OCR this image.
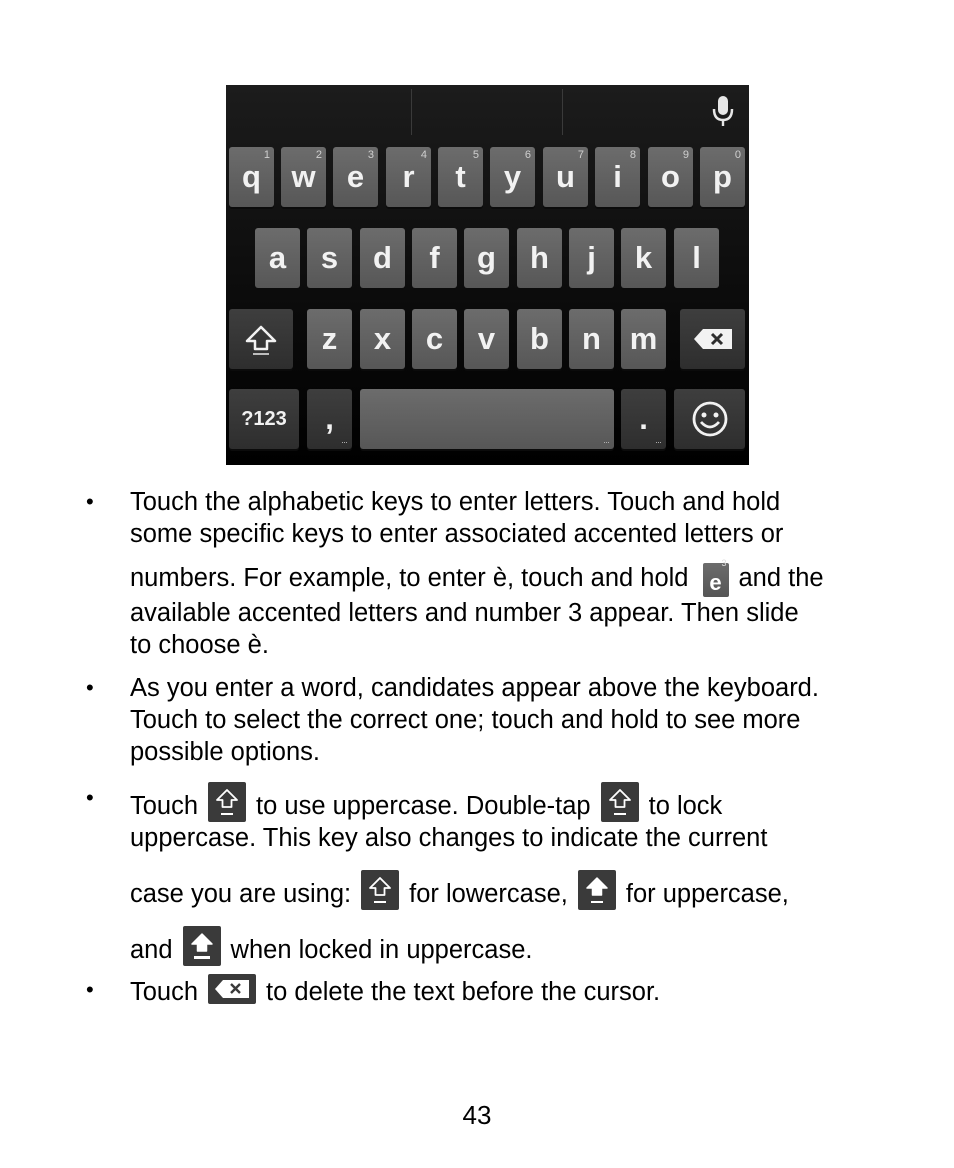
q
1
w
2
e
3
r
4
t
5
y
6
u
7
i
8
o
9
p
0
a s d f g h j k l
z x c v b n m
?123 ,
···	···
.
···
• Touch the alphabetic keys to enter letters. Touch and hold
some specific keys to enter associated accented letters or
numbers. For example, to enter è, touch and hold e
3
and the
available accented letters and number 3 appear. Then slide
to choose è.
• As you enter a word, candidates appear above the keyboard.
Touch to select the correct one; touch and hold to see more
possible options.
• Touch to use uppercase. Double-tap to lock
uppercase. This key also changes to indicate the current
case you are using: for lowercase, for uppercase,
and when locked in uppercase.
• Touch	to delete the text before the cursor.
43
